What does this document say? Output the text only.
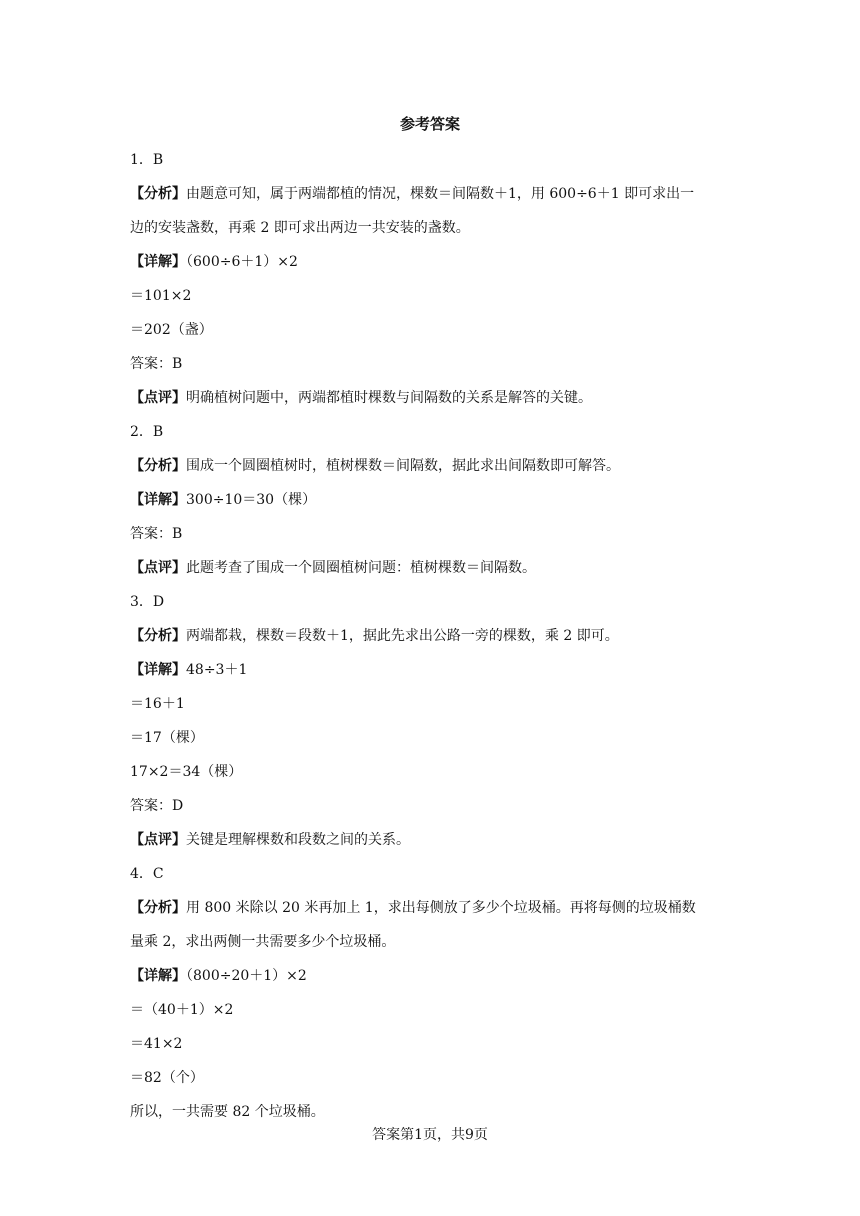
参考答案
1．B
【分析】由题意可知，属于两端都植的情况，棵数＝间隔数＋1，用 600÷6＋1 即可求出一
边的安装盏数，再乘 2 即可求出两边一共安装的盏数。
【详解】（600÷6＋1）×2
＝101×2
＝202（盏）
答案：B
【点评】明确植树问题中，两端都植时棵数与间隔数的关系是解答的关键。
2．B
【分析】围成一个圆圈植树时，植树棵数＝间隔数，据此求出间隔数即可解答。
【详解】300÷10＝30（棵）
答案：B
【点评】此题考查了围成一个圆圈植树问题：植树棵数＝间隔数。
3．D
【分析】两端都栽，棵数＝段数＋1，据此先求出公路一旁的棵数，乘 2 即可。
【详解】48÷3＋1
＝16＋1
＝17（棵）
17×2＝34（棵）
答案：D
【点评】关键是理解棵数和段数之间的关系。
4．C
【分析】用 800 米除以 20 米再加上 1，求出每侧放了多少个垃圾桶。再将每侧的垃圾桶数
量乘 2，求出两侧一共需要多少个垃圾桶。
【详解】（800÷20＋1）×2
＝（40＋1）×2
＝41×2
＝82（个）
所以，一共需要 82 个垃圾桶。
答案第1页，共9页
